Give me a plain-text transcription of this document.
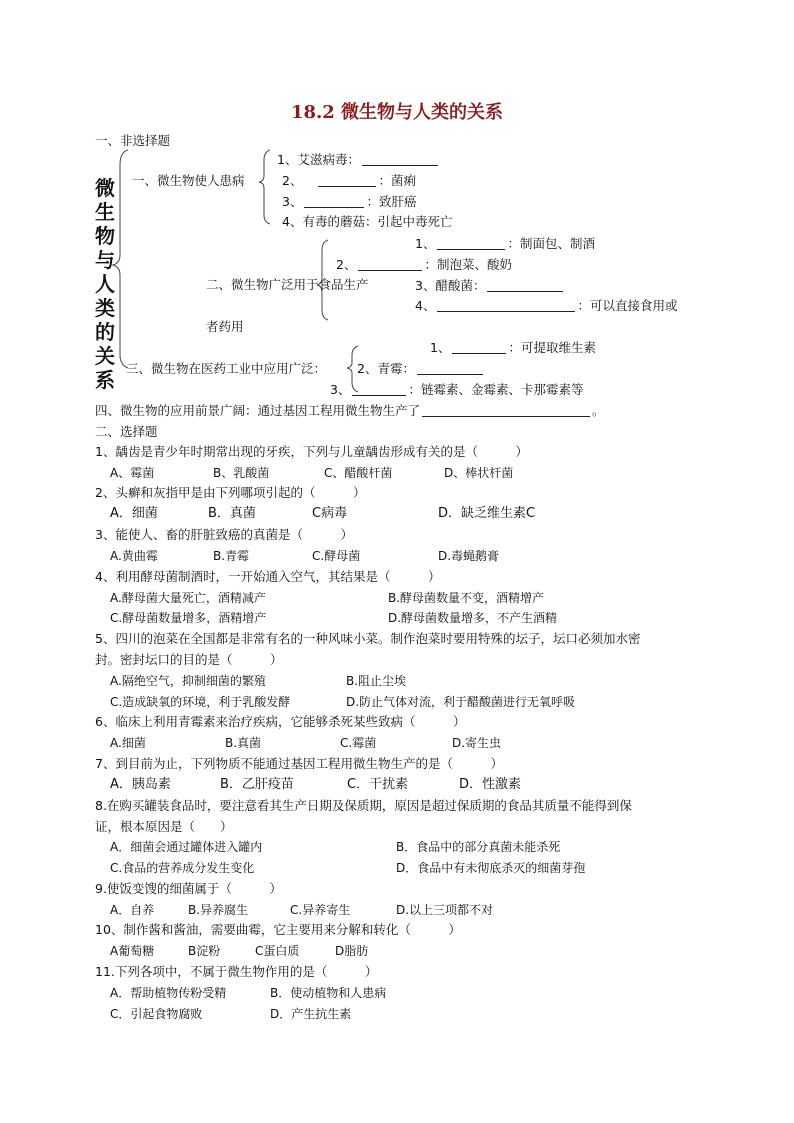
18.2 微生物与人类的关系
一、非选择题
微
生
物
与
人
类
的
关
系
一、微生物使人患病
1、艾滋病毒：
2、	：菌痢
3、	：致肝癌
4、有毒的蘑菇：引起中毒死亡
二、微生物广泛用于食品生产
1、	：制面包、制酒
2、	：制泡菜、酸奶
3、醋酸菌：
4、	：可以直接食用或
者药用
三、微生物在医药工业中应用广泛：
1、	：可提取维生素
2、青霉：
3、	：链霉素、金霉素、卡那霉素等
四、微生物的应用前景广阔：通过基因工程用微生物生产了	。
二、选择题
1、龋齿是青少年时期常出现的牙疾，下列与儿童龋齿形成有关的是（　　　）
A、霉菌	B、乳酸菌	C、醋酸杆菌	D、棒状杆菌
2、头癣和灰指甲是由下列哪项引起的（　　　）
A．细菌	B．真菌	C病毒	D．缺乏维生素C
3、能使人、畜的肝脏致癌的真菌是（　　　）
A.黄曲霉	B.青霉	C.酵母菌	D.毒蝇鹅膏
4、利用酵母菌制酒时，一开始通入空气，其结果是（　　　）
A.酵母菌大量死亡，酒精减产	B.酵母菌数量不变，酒精增产
C.酵母菌数量增多，酒精增产	D.酵母菌数量增多，不产生酒精
5、四川的泡菜在全国都是非常有名的一种风味小菜。制作泡菜时要用特殊的坛子，坛口必须加水密
封。密封坛口的目的是（　　　）
A.隔绝空气，抑制细菌的繁殖	B.阻止尘埃
C.造成缺氧的环境，利于乳酸发酵	D.防止气体对流，利于醋酸菌进行无氧呼吸
6、临床上利用青霉素来治疗疾病，它能够杀死某些致病（　　　）
A.细菌	B.真菌	C.霉菌	D.寄生虫
7、到目前为止，下列物质不能通过基因工程用微生物生产的是（　　　）
A．胰岛素	B．乙肝疫苗	C．干扰素	D．性激素
8.在购买罐装食品时，要注意看其生产日期及保质期，原因是超过保质期的食品其质量不能得到保
证，根本原因是（　　）
A．细菌会通过罐体进入罐内	B．食品中的部分真菌未能杀死
C.食品的营养成分发生变化	D．食品中有未彻底杀灭的细菌芽孢
9.使饭变馊的细菌属于（　　　）
A．自养	B.异养腐生	C.异养寄生	D.以上三项都不对
10、制作酱和酱油，需要曲霉，它主要用来分解和转化（　　　）
A葡萄糖	B淀粉	C蛋白质	D脂肪
11.下列各项中，不属于微生物作用的是（　　　）
A．帮助植物传粉受精	B．使动植物和人患病
C．引起食物腐败	D．产生抗生素
